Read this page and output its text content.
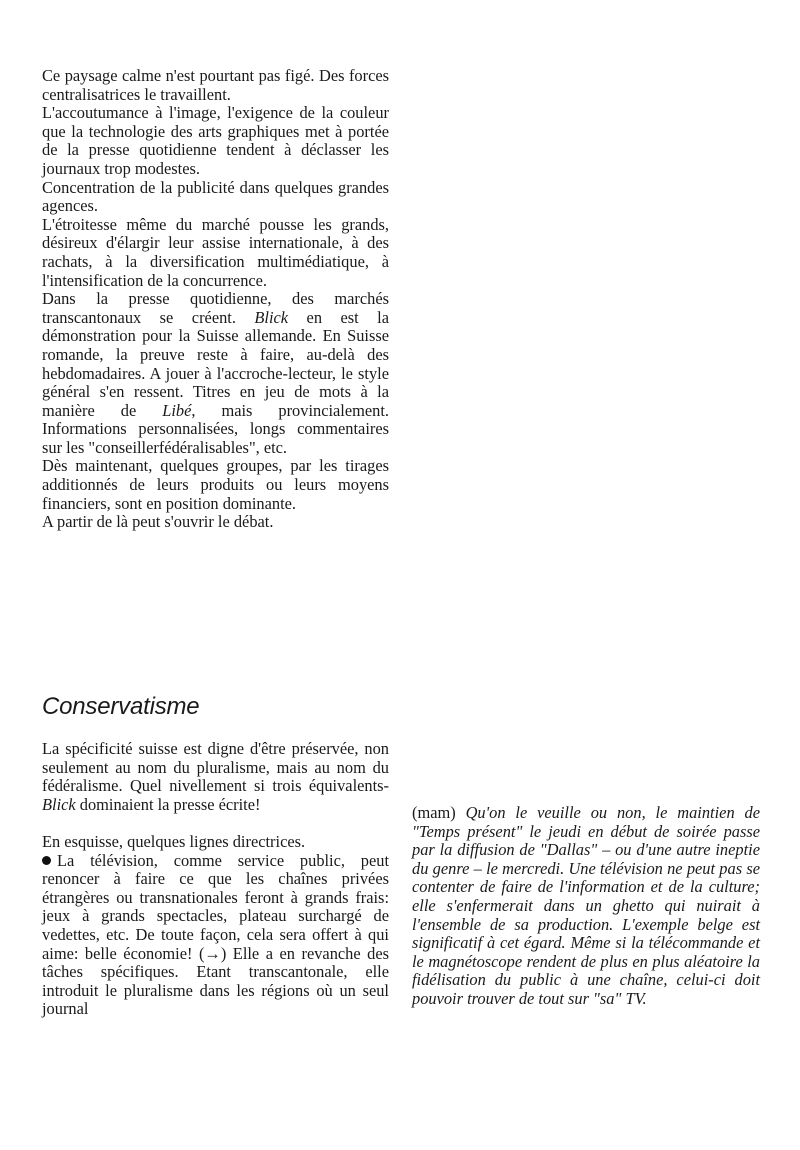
Ce paysage calme n'est pourtant pas figé. Des forces centralisatrices le travaillent.

L'accoutumance à l'image, l'exigence de la couleur que la technologie des arts graphiques met à portée de la presse quotidienne tendent à déclasser les journaux trop modestes.

Concentration de la publicité dans quelques grandes agences.

L'étroitesse même du marché pousse les grands, désireux d'élargir leur assise internationale, à des rachats, à la diversification multimédiatique, à l'intensification de la concurrence.

Dans la presse quotidienne, des marchés transcantonaux se créent. Blick en est la démonstration pour la Suisse allemande. En Suisse romande, la preuve reste à faire, au-delà des hebdomadaires. A jouer à l'accroche-lecteur, le style général s'en ressent. Titres en jeu de mots à la manière de Libé, mais provincialement. Informations personnalisées, longs commentaires sur les "conseillerfédéralisables", etc.

Dès maintenant, quelques groupes, par les tirages additionnés de leurs produits ou leurs moyens financiers, sont en position dominante.

A partir de là peut s'ouvrir le débat.

Conservatisme

La spécificité suisse est digne d'être préservée, non seulement au nom du pluralisme, mais au nom du fédéralisme. Quel nivellement si trois équivalents-Blick dominaient la presse écrite!

En esquisse, quelques lignes directrices.

La télévision, comme service public, peut renoncer à faire ce que les chaînes privées étrangères ou transnationales feront à grands frais: jeux à grands spectacles, plateau surchargé de vedettes, etc. De toute façon, cela sera offert à qui aime: belle économie! (→) Elle a en revanche des tâches spécifiques. Etant transcantonale, elle introduit le pluralisme dans les régions où un seul journal

(mam) Qu'on le veuille ou non, le maintien de "Temps présent" le jeudi en début de soirée passe par la diffusion de "Dallas" – ou d'une autre ineptie du genre – le mercredi. Une télévision ne peut pas se contenter de faire de l'information et de la culture; elle s'enfermerait dans un ghetto qui nuirait à l'ensemble de sa production. L'exemple belge est significatif à cet égard. Même si la télécommande et le magnétoscope rendent de plus en plus aléatoire la fidélisation du public à une chaîne, celui-ci doit pouvoir trouver de tout sur "sa" TV.
